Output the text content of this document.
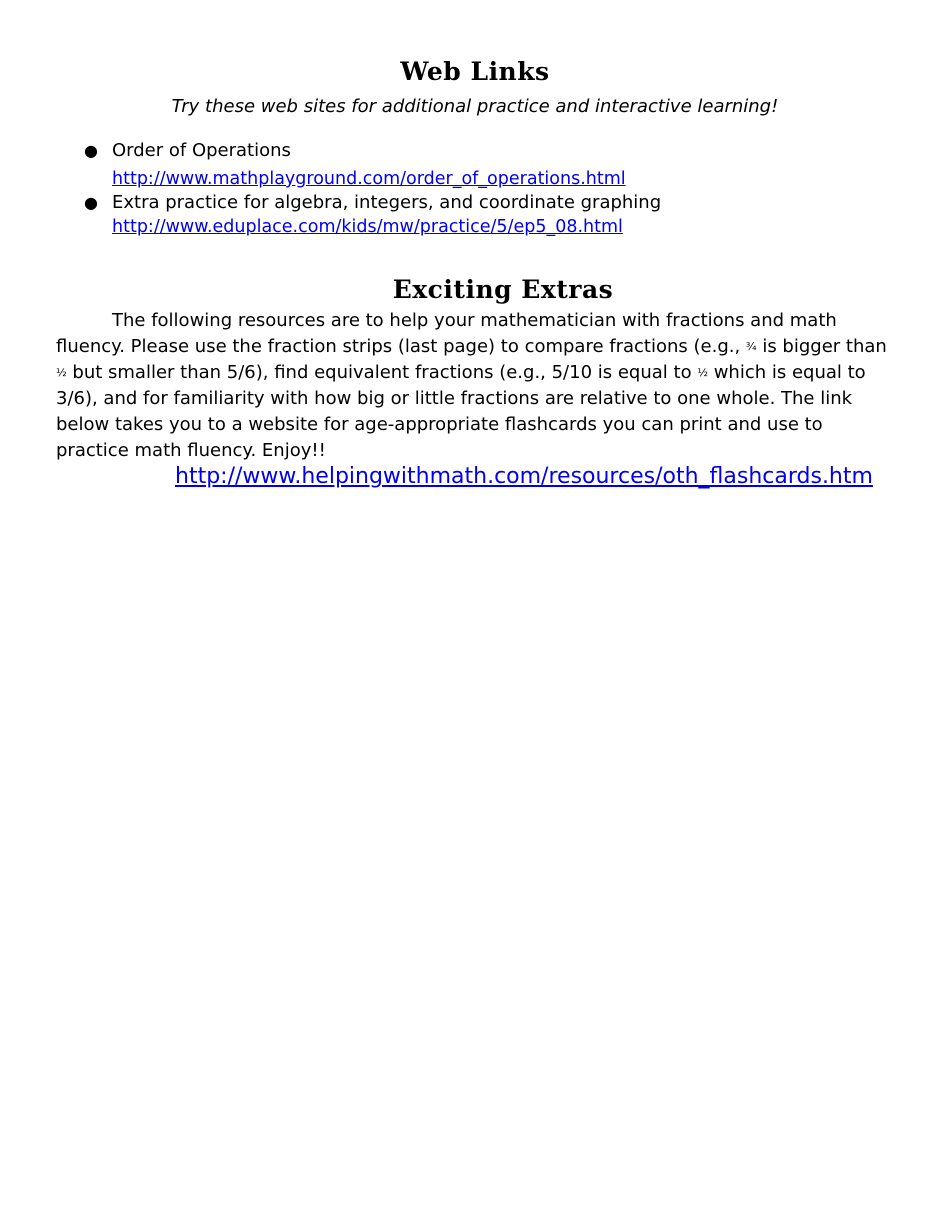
Web Links
Try these web sites for additional practice and interactive learning!
● Order of Operations
http://www.mathplayground.com/order_of_operations.html
● Extra practice for algebra, integers, and coordinate graphing
http://www.eduplace.com/kids/mw/practice/5/ep5_08.html
Exciting Extras
The following resources are to help your mathematician with fractions and math fluency. Please use the fraction strips (last page) to compare fractions (e.g., ¾ is bigger than ½ but smaller than 5/6), find equivalent fractions (e.g., 5/10 is equal to ½ which is equal to 3/6), and for familiarity with how big or little fractions are relative to one whole. The link below takes you to a website for age-appropriate flashcards you can print and use to practice math fluency. Enjoy!!
http://www.helpingwithmath.com/resources/oth_flashcards.htm
